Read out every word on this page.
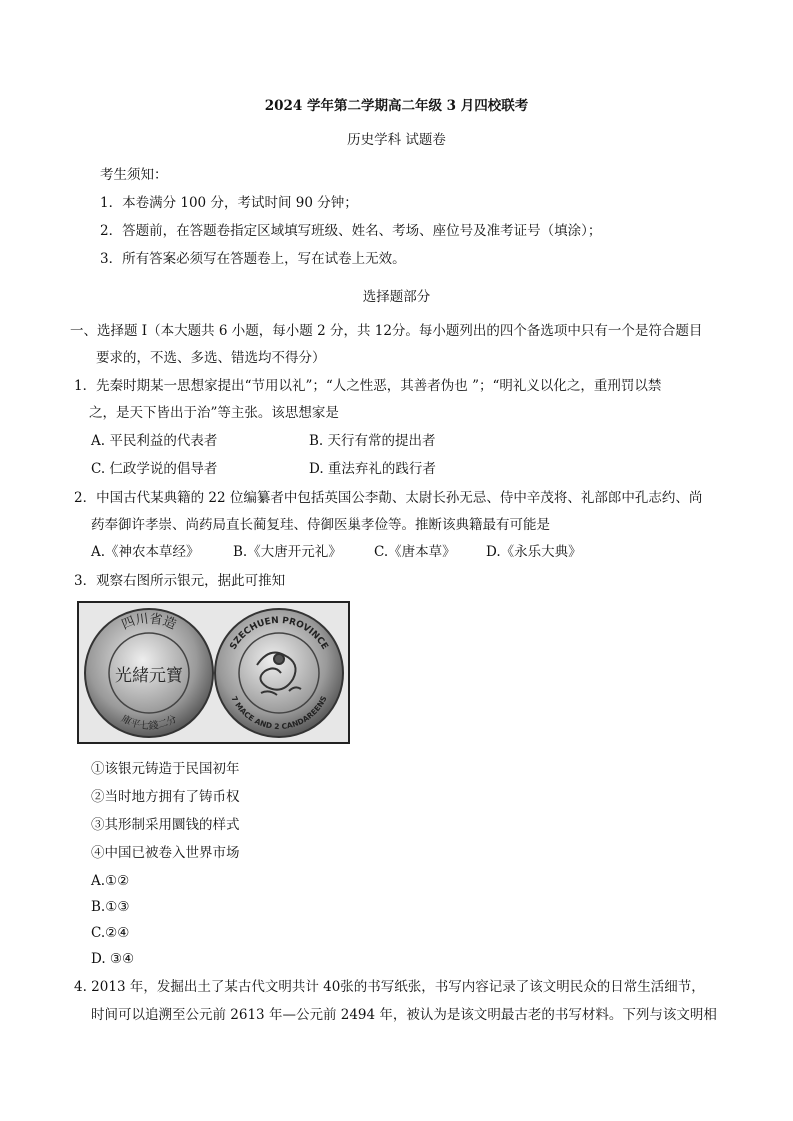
2024 学年第二学期高二年级 3 月四校联考
历史学科 试题卷
考生须知：
1．本卷满分 100 分，考试时间 90 分钟；
2．答题前，在答题卷指定区域填写班级、姓名、考场、座位号及准考证号（填涂）；
3．所有答案必须写在答题卷上，写在试卷上无效。
选择题部分
一、选择题 I（本大题共 6 小题，每小题 2 分，共 12分。每小题列出的四个备选项中只有一个是符合题目
要求的，不选、多选、错选均不得分）
1．先秦时期某一思想家提出“节用以礼”；“人之性恶，其善者伪也 ”；“明礼义以化之，重刑罚以禁
之，是天下皆出于治”等主张。该思想家是
A. 平民利益的代表者	B. 天行有常的提出者
C. 仁政学说的倡导者	D. 重法弃礼的践行者
2．中国古代某典籍的 22 位编纂者中包括英国公李勣、太尉长孙无忌、侍中辛茂将、礼部郎中孔志约、尚
药奉御许孝崇、尚药局直长蔺复珪、侍御医巢孝俭等。推断该典籍最有可能是
A.《神农本草经》 B.《大唐开元礼》 C.《唐本草》 D.《永乐大典》
3．观察右图所示银元，据此可推知
四川省造
庫平七錢二分
光緒元寶
SZECHUEN PROVINCE
7 MACE AND 2 CANDAREENS
①该银元铸造于民国初年
②当时地方拥有了铸币权
③其形制采用圜钱的样式
④中国已被卷入世界市场
A.①②
B.①③
C.②④
D. ③④
4. 2013 年，发掘出土了某古代文明共计 40张的书写纸张，书写内容记录了该文明民众的日常生活细节，
时间可以追溯至公元前 2613 年—公元前 2494 年，被认为是该文明最古老的书写材料。下列与该文明相
